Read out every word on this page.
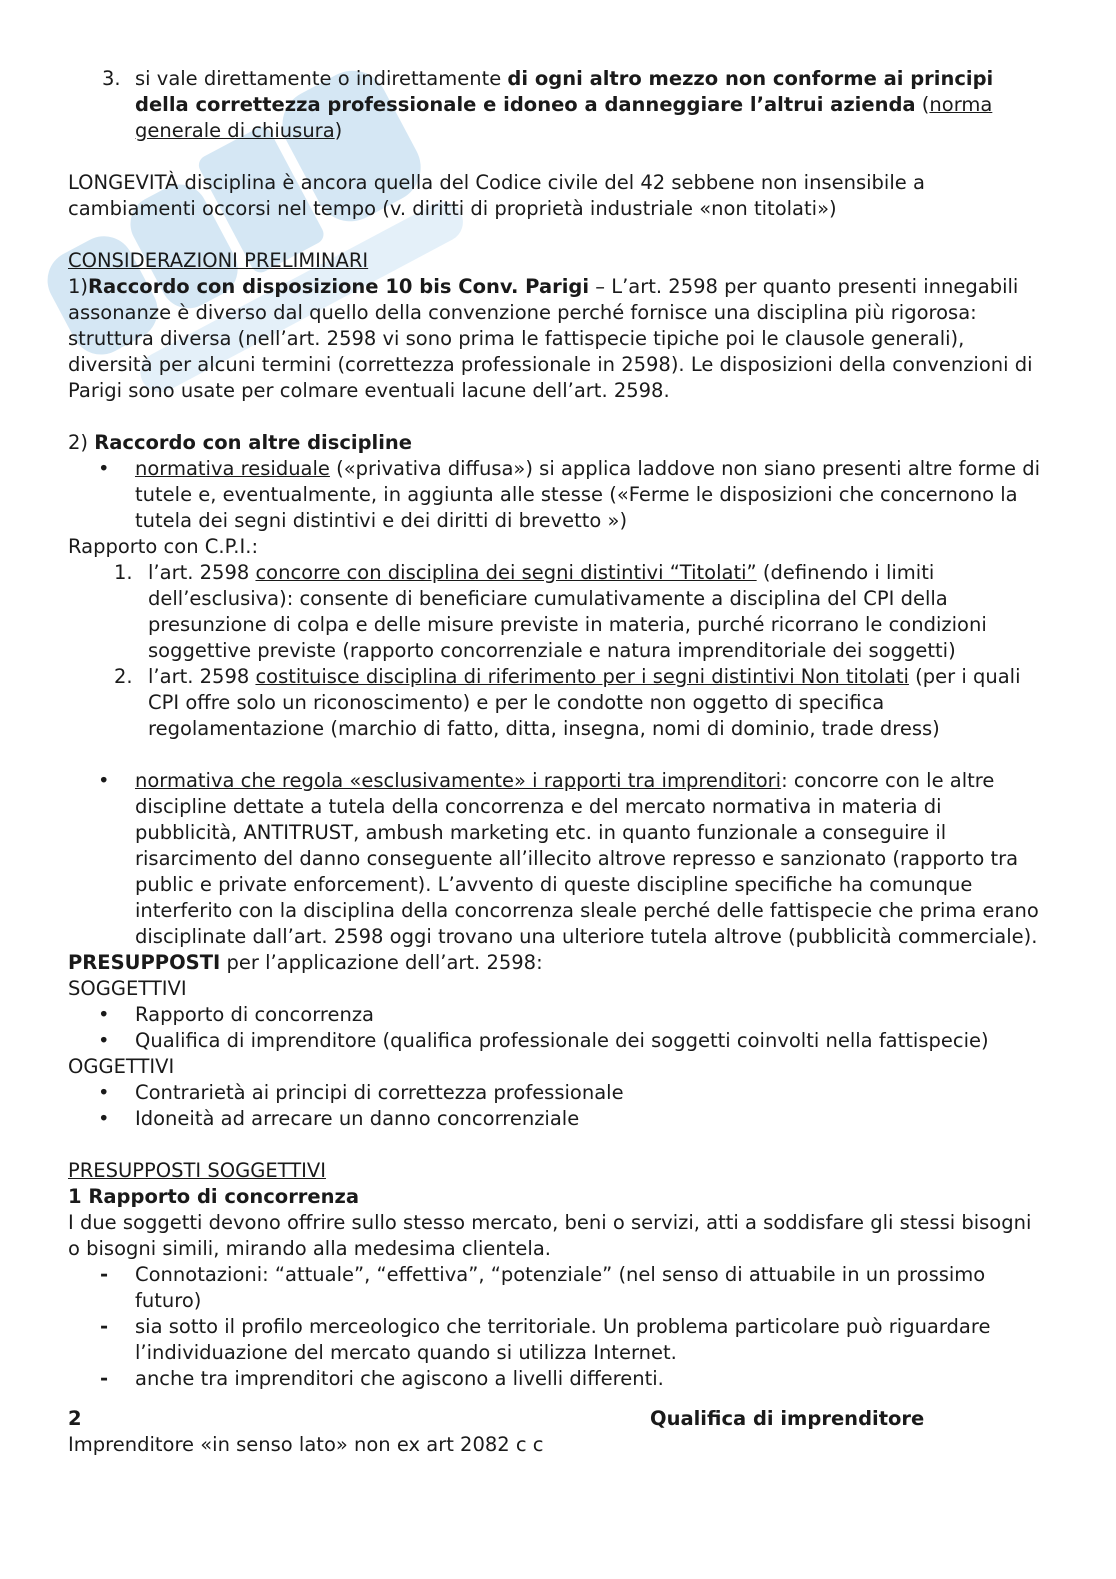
3. si vale direttamente o indirettamente di ogni altro mezzo non conforme ai principi della correttezza professionale e idoneo a danneggiare l’altrui azienda (norma generale di chiusura)

LONGEVITÀ disciplina è ancora quella del Codice civile del 42 sebbene non insensibile a cambiamenti occorsi nel tempo (v. diritti di proprietà industriale «non titolati»)

CONSIDERAZIONI PRELIMINARI

1)Raccordo con disposizione 10 bis Conv. Parigi – L’art. 2598 per quanto presenti innegabili assonanze è diverso dal quello della convenzione perché fornisce una disciplina più rigorosa: struttura diversa (nell’art. 2598 vi sono prima le fattispecie tipiche poi le clausole generali), diversità per alcuni termini (correttezza professionale in 2598). Le disposizioni della convenzioni di Parigi sono usate per colmare eventuali lacune dell’art. 2598.

2) Raccordo con altre discipline

• normativa residuale («privativa diffusa») si applica laddove non siano presenti altre forme di tutele e, eventualmente, in aggiunta alle stesse («Ferme le disposizioni che concernono la tutela dei segni distintivi e dei diritti di brevetto »)

Rapporto con C.P.I.:

1. l’art. 2598 concorre con disciplina dei segni distintivi “Titolati” (definendo i limiti dell’esclusiva): consente di beneficiare cumulativamente a disciplina del CPI della presunzione di colpa e delle misure previste in materia, purché ricorrano le condizioni soggettive previste (rapporto concorrenziale e natura imprenditoriale dei soggetti)
2. l’art. 2598 costituisce disciplina di riferimento per i segni distintivi Non titolati (per i quali CPI offre solo un riconoscimento) e per le condotte non oggetto di specifica regolamentazione (marchio di fatto, ditta, insegna, nomi di dominio, trade dress)
• normativa che regola «esclusivamente» i rapporti tra imprenditori: concorre con le altre discipline dettate a tutela della concorrenza e del mercato normativa in materia di pubblicità, ANTITRUST, ambush marketing etc. in quanto funzionale a conseguire il risarcimento del danno conseguente all’illecito altrove represso e sanzionato (rapporto tra public e private enforcement). L’avvento di queste discipline specifiche ha comunque interferito con la disciplina della concorrenza sleale perché delle fattispecie che prima erano disciplinate dall’art. 2598 oggi trovano una ulteriore tutela altrove (pubblicità commerciale).

PRESUPPOSTI per l’applicazione dell’art. 2598:

SOGGETTIVI

• Rapporto di concorrenza
• Qualifica di imprenditore (qualifica professionale dei soggetti coinvolti nella fattispecie)

OGGETTIVI

• Contrarietà ai principi di correttezza professionale
• Idoneità ad arrecare un danno concorrenziale

PRESUPPOSTI SOGGETTIVI

1 Rapporto di concorrenza

I due soggetti devono offrire sullo stesso mercato, beni o servizi, atti a soddisfare gli stessi bisogni o bisogni simili, mirando alla medesima clientela.

- Connotazioni: “attuale”, “effettiva”, “potenziale” (nel senso di attuabile in un prossimo futuro)
- sia sotto il profilo merceologico che territoriale. Un problema particolare può riguardare l’individuazione del mercato quando si utilizza Internet.
- anche tra imprenditori che agiscono a livelli differenti.
2	Qualifica di imprenditore

Imprenditore «in senso lato» non ex art 2082 c c
